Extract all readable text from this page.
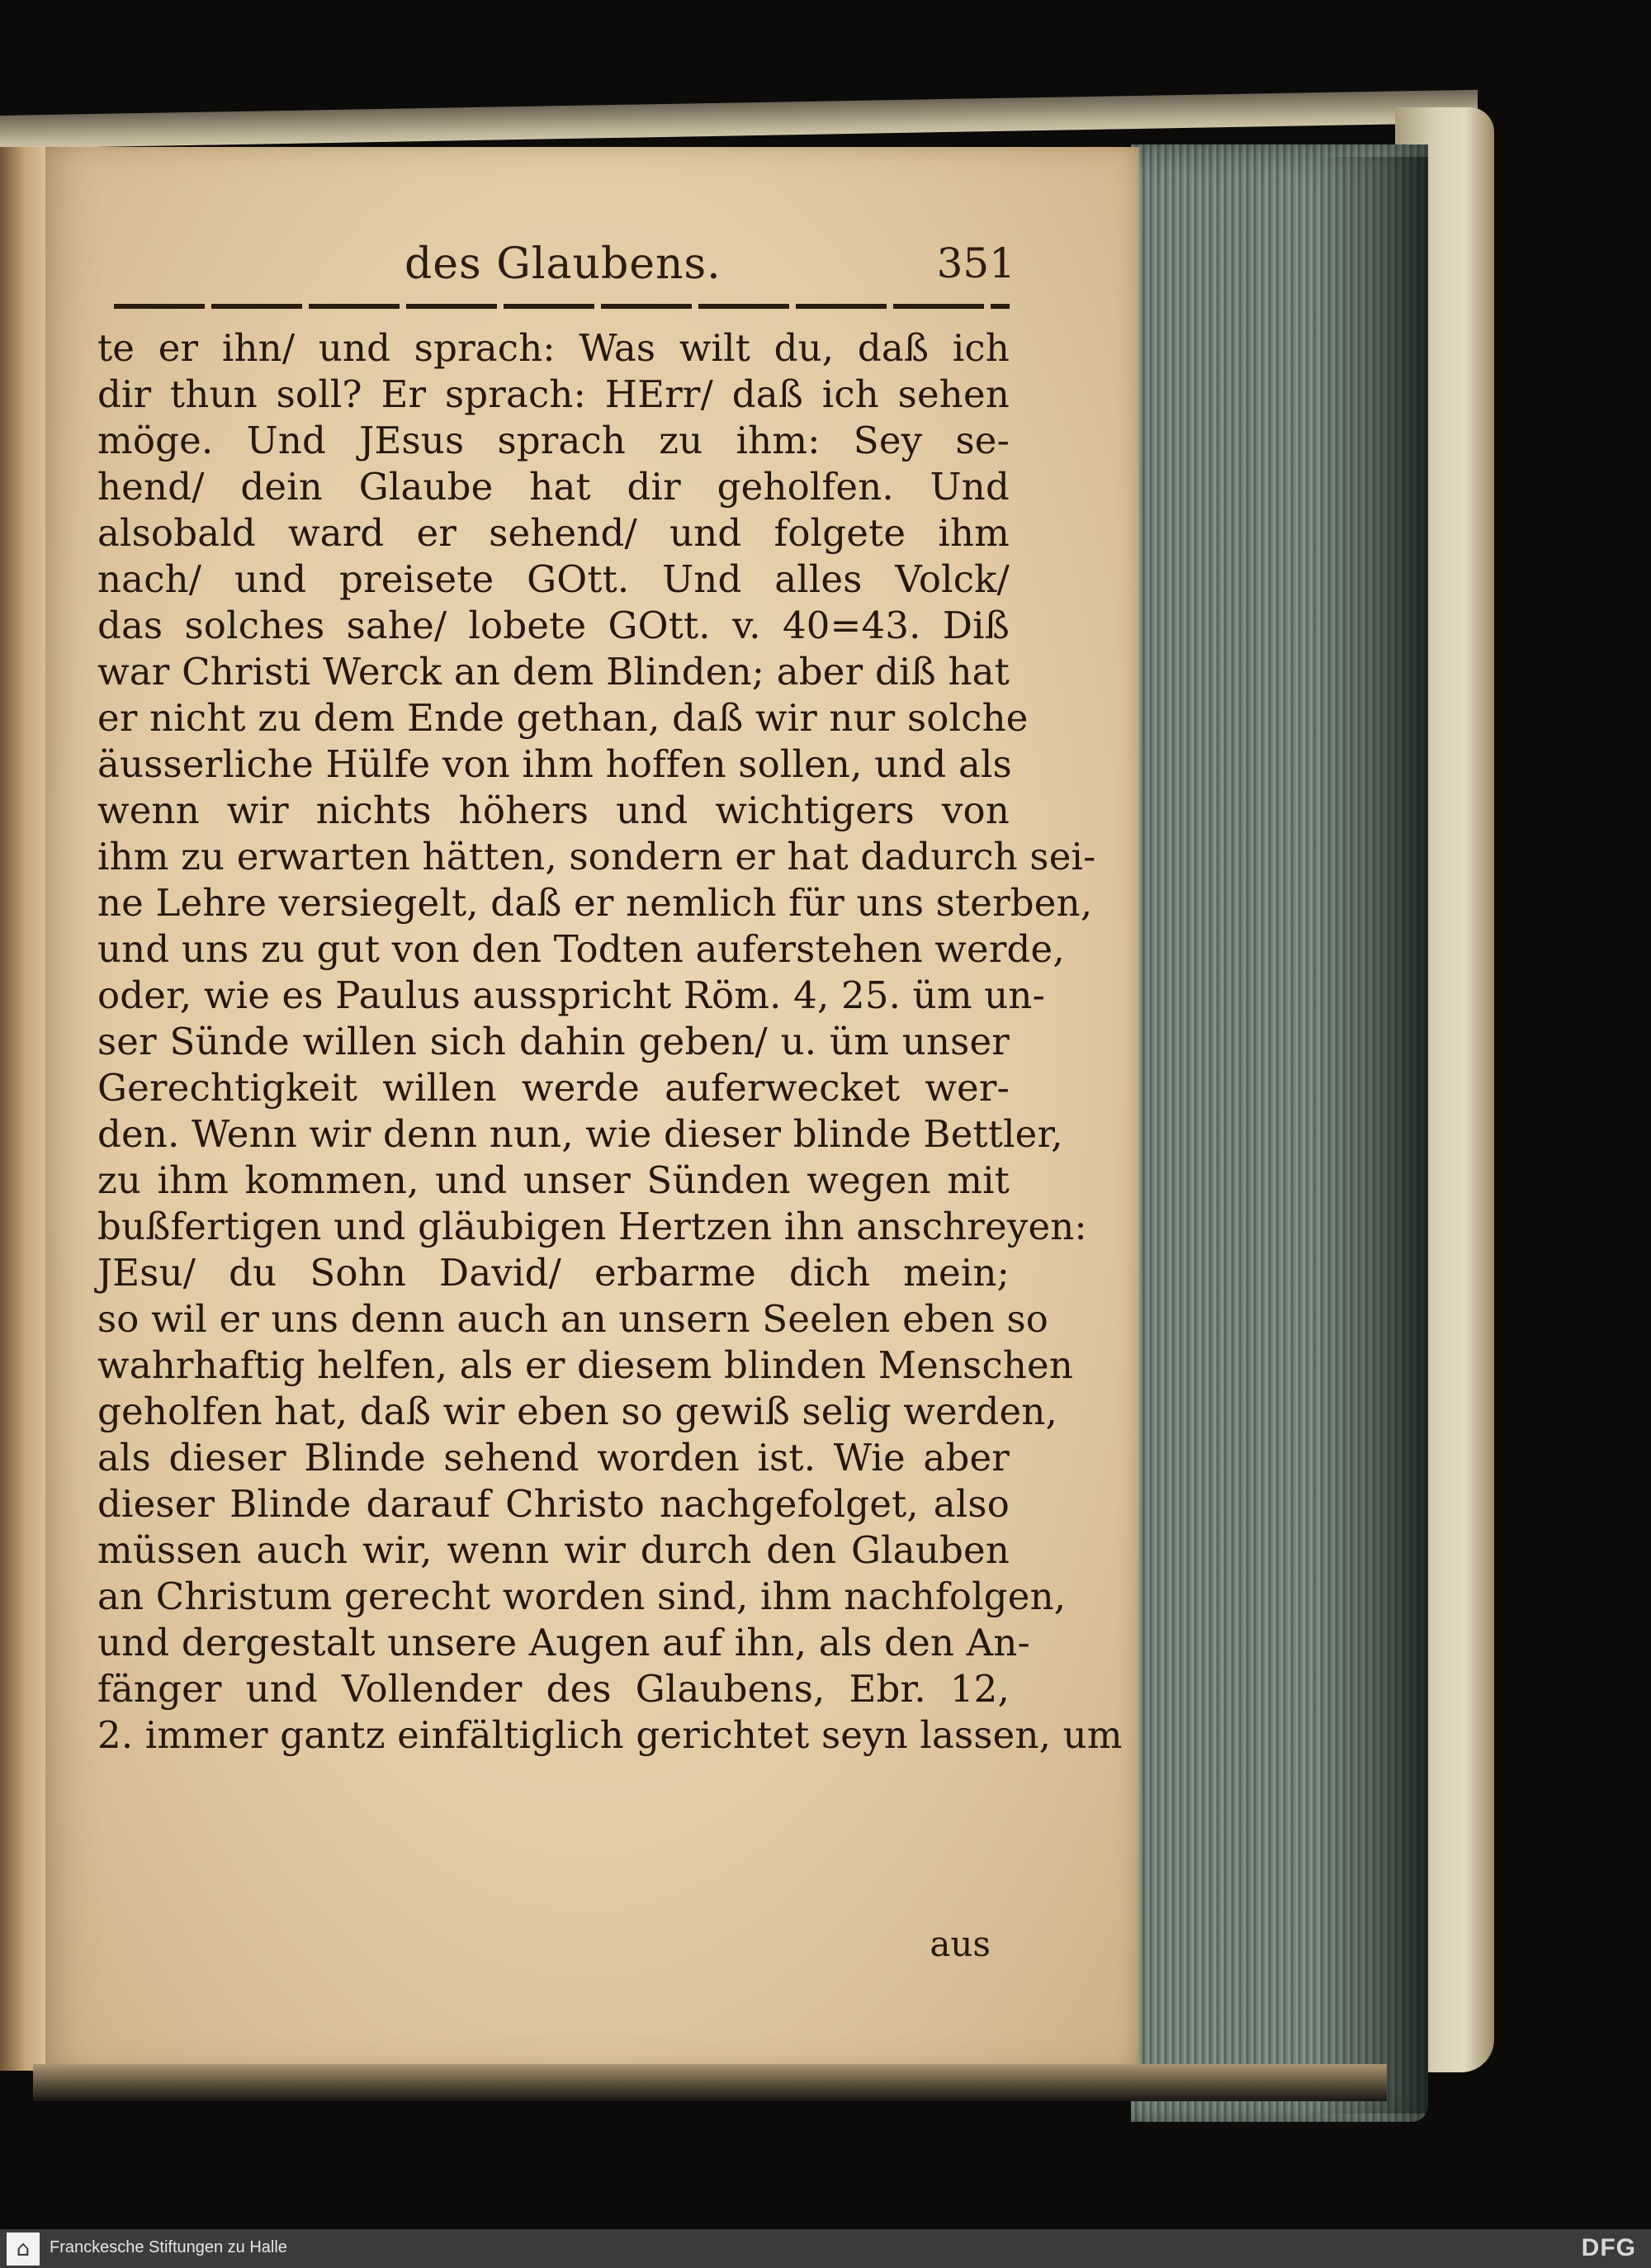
des Glaubens.	351
te er ihn/ und sprach: Was wilt du, daß ich
dir thun soll? Er sprach: HErr/ daß ich sehen
möge. Und JEsus sprach zu ihm: Sey se-
hend/ dein Glaube hat dir geholfen. Und
alsobald ward er sehend/ und folgete ihm
nach/ und preisete GOtt. Und alles Volck/
das solches sahe/ lobete GOtt. v. 40=43. Diß
war Christi Werck an dem Blinden; aber diß hat
er nicht zu dem Ende gethan, daß wir nur solche
äusserliche Hülfe von ihm hoffen sollen, und als
wenn wir nichts höhers und wichtigers von
ihm zu erwarten hätten, sondern er hat dadurch sei-
ne Lehre versiegelt, daß er nemlich für uns sterben,
und uns zu gut von den Todten auferstehen werde,
oder, wie es Paulus ausspricht Röm. 4, 25. üm un-
ser Sünde willen sich dahin geben/ u. üm unser
Gerechtigkeit willen werde auferwecket wer-
den. Wenn wir denn nun, wie dieser blinde Bettler,
zu ihm kommen, und unser Sünden wegen mit
bußfertigen und gläubigen Hertzen ihn anschreyen:
JEsu/ du Sohn David/ erbarme dich mein;
so wil er uns denn auch an unsern Seelen eben so
wahrhaftig helfen, als er diesem blinden Menschen
geholfen hat, daß wir eben so gewiß selig werden,
als dieser Blinde sehend worden ist. Wie aber
dieser Blinde darauf Christo nachgefolget, also
müssen auch wir, wenn wir durch den Glauben
an Christum gerecht worden sind, ihm nachfolgen,
und dergestalt unsere Augen auf ihn, als den An-
fänger und Vollender des Glaubens, Ebr. 12,
2. immer gantz einfältiglich gerichtet seyn lassen, um
aus
⌂	Franckesche Stiftungen zu Halle	DFG
